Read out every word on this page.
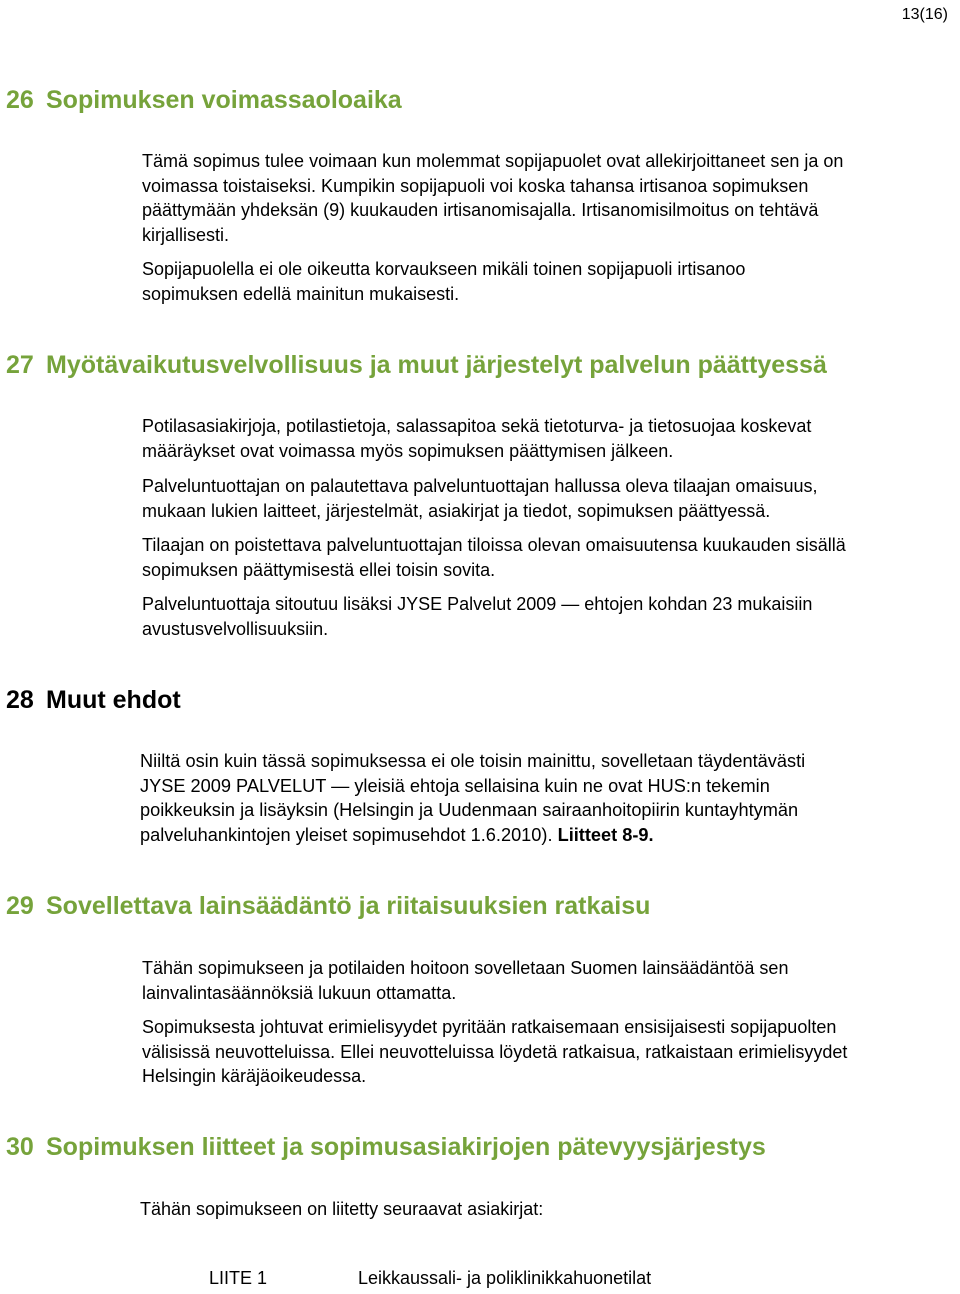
13(16)
26 Sopimuksen voimassaoloaika
Tämä sopimus tulee voimaan kun molemmat sopijapuolet ovat allekirjoittaneet sen ja on
voimassa toistaiseksi. Kumpikin sopijapuoli voi koska tahansa irtisanoa sopimuksen
päättymään yhdeksän (9) kuukauden irtisanomisajalla. Irtisanomisilmoitus on tehtävä
kirjallisesti.
Sopijapuolella ei ole oikeutta korvaukseen mikäli toinen sopijapuoli irtisanoo
sopimuksen edellä mainitun mukaisesti.
27 Myötävaikutusvelvollisuus ja muut järjestelyt palvelun päättyessä
Potilasasiakirjoja, potilastietoja, salassapitoa sekä tietoturva- ja tietosuojaa koskevat
määräykset ovat voimassa myös sopimuksen päättymisen jälkeen.
Palveluntuottajan on palautettava palveluntuottajan hallussa oleva tilaajan omaisuus,
mukaan lukien laitteet, järjestelmät, asiakirjat ja tiedot, sopimuksen päättyessä.
Tilaajan on poistettava palveluntuottajan tiloissa olevan omaisuutensa kuukauden sisällä
sopimuksen päättymisestä ellei toisin sovita.
Palveluntuottaja sitoutuu lisäksi JYSE Palvelut 2009 — ehtojen kohdan 23 mukaisiin
avustusvelvollisuuksiin.
28 Muut ehdot
Niiltä osin kuin tässä sopimuksessa ei ole toisin mainittu, sovelletaan täydentävästi
JYSE 2009 PALVELUT — yleisiä ehtoja sellaisina kuin ne ovat HUS:n tekemin
poikkeuksin ja lisäyksin (Helsingin ja Uudenmaan sairaanhoitopiirin kuntayhtymän
palveluhankintojen yleiset sopimusehdot 1.6.2010). Liitteet 8-9.
29 Sovellettava lainsäädäntö ja riitaisuuksien ratkaisu
Tähän sopimukseen ja potilaiden hoitoon sovelletaan Suomen lainsäädäntöä sen
lainvalintasäännöksiä lukuun ottamatta.
Sopimuksesta johtuvat erimielisyydet pyritään ratkaisemaan ensisijaisesti sopijapuolten
välisissä neuvotteluissa. Ellei neuvotteluissa löydetä ratkaisua, ratkaistaan erimielisyydet
Helsingin käräjäoikeudessa.
30 Sopimuksen liitteet ja sopimusasiakirjojen pätevyysjärjestys
Tähän sopimukseen on liitetty seuraavat asiakirjat:
LIITE 1	Leikkaussali- ja poliklinikkahuonetilat
